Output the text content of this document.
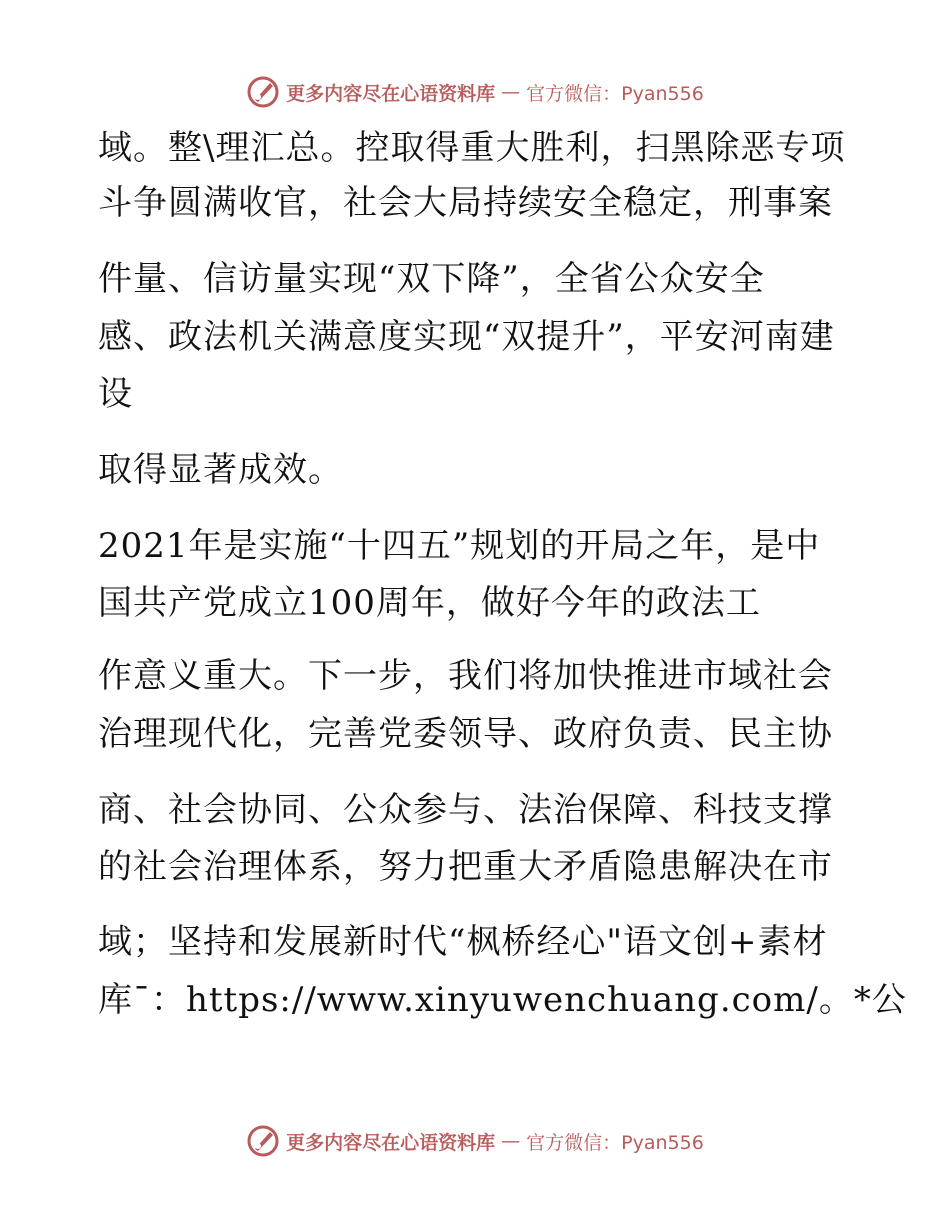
更多内容尽在心语资料库 — 官方微信：Pyan556
域。整\理汇总。控取得重大胜利，扫黑除恶专项
斗争圆满收官，社会大局持续安全稳定，刑事案
件量、信访量实现“双下降”，全省公众安全
感、政法机关满意度实现“双提升”，平安河南建
设
取得显著成效。
2021年是实施“十四五”规划的开局之年，是中
国共产党成立100周年，做好今年的政法工
作意义重大。下一步，我们将加快推进市域社会
治理现代化，完善党委领导、政府负责、民主协
商、社会协同、公众参与、法治保障、科技支撑
的社会治理体系，努力把重大矛盾隐患解决在市
域；坚持和发展新时代“枫桥经心"语文创+素材
库¯：https://www.xinyuwenchuang.com/。*公
更多内容尽在心语资料库 — 官方微信：Pyan556
